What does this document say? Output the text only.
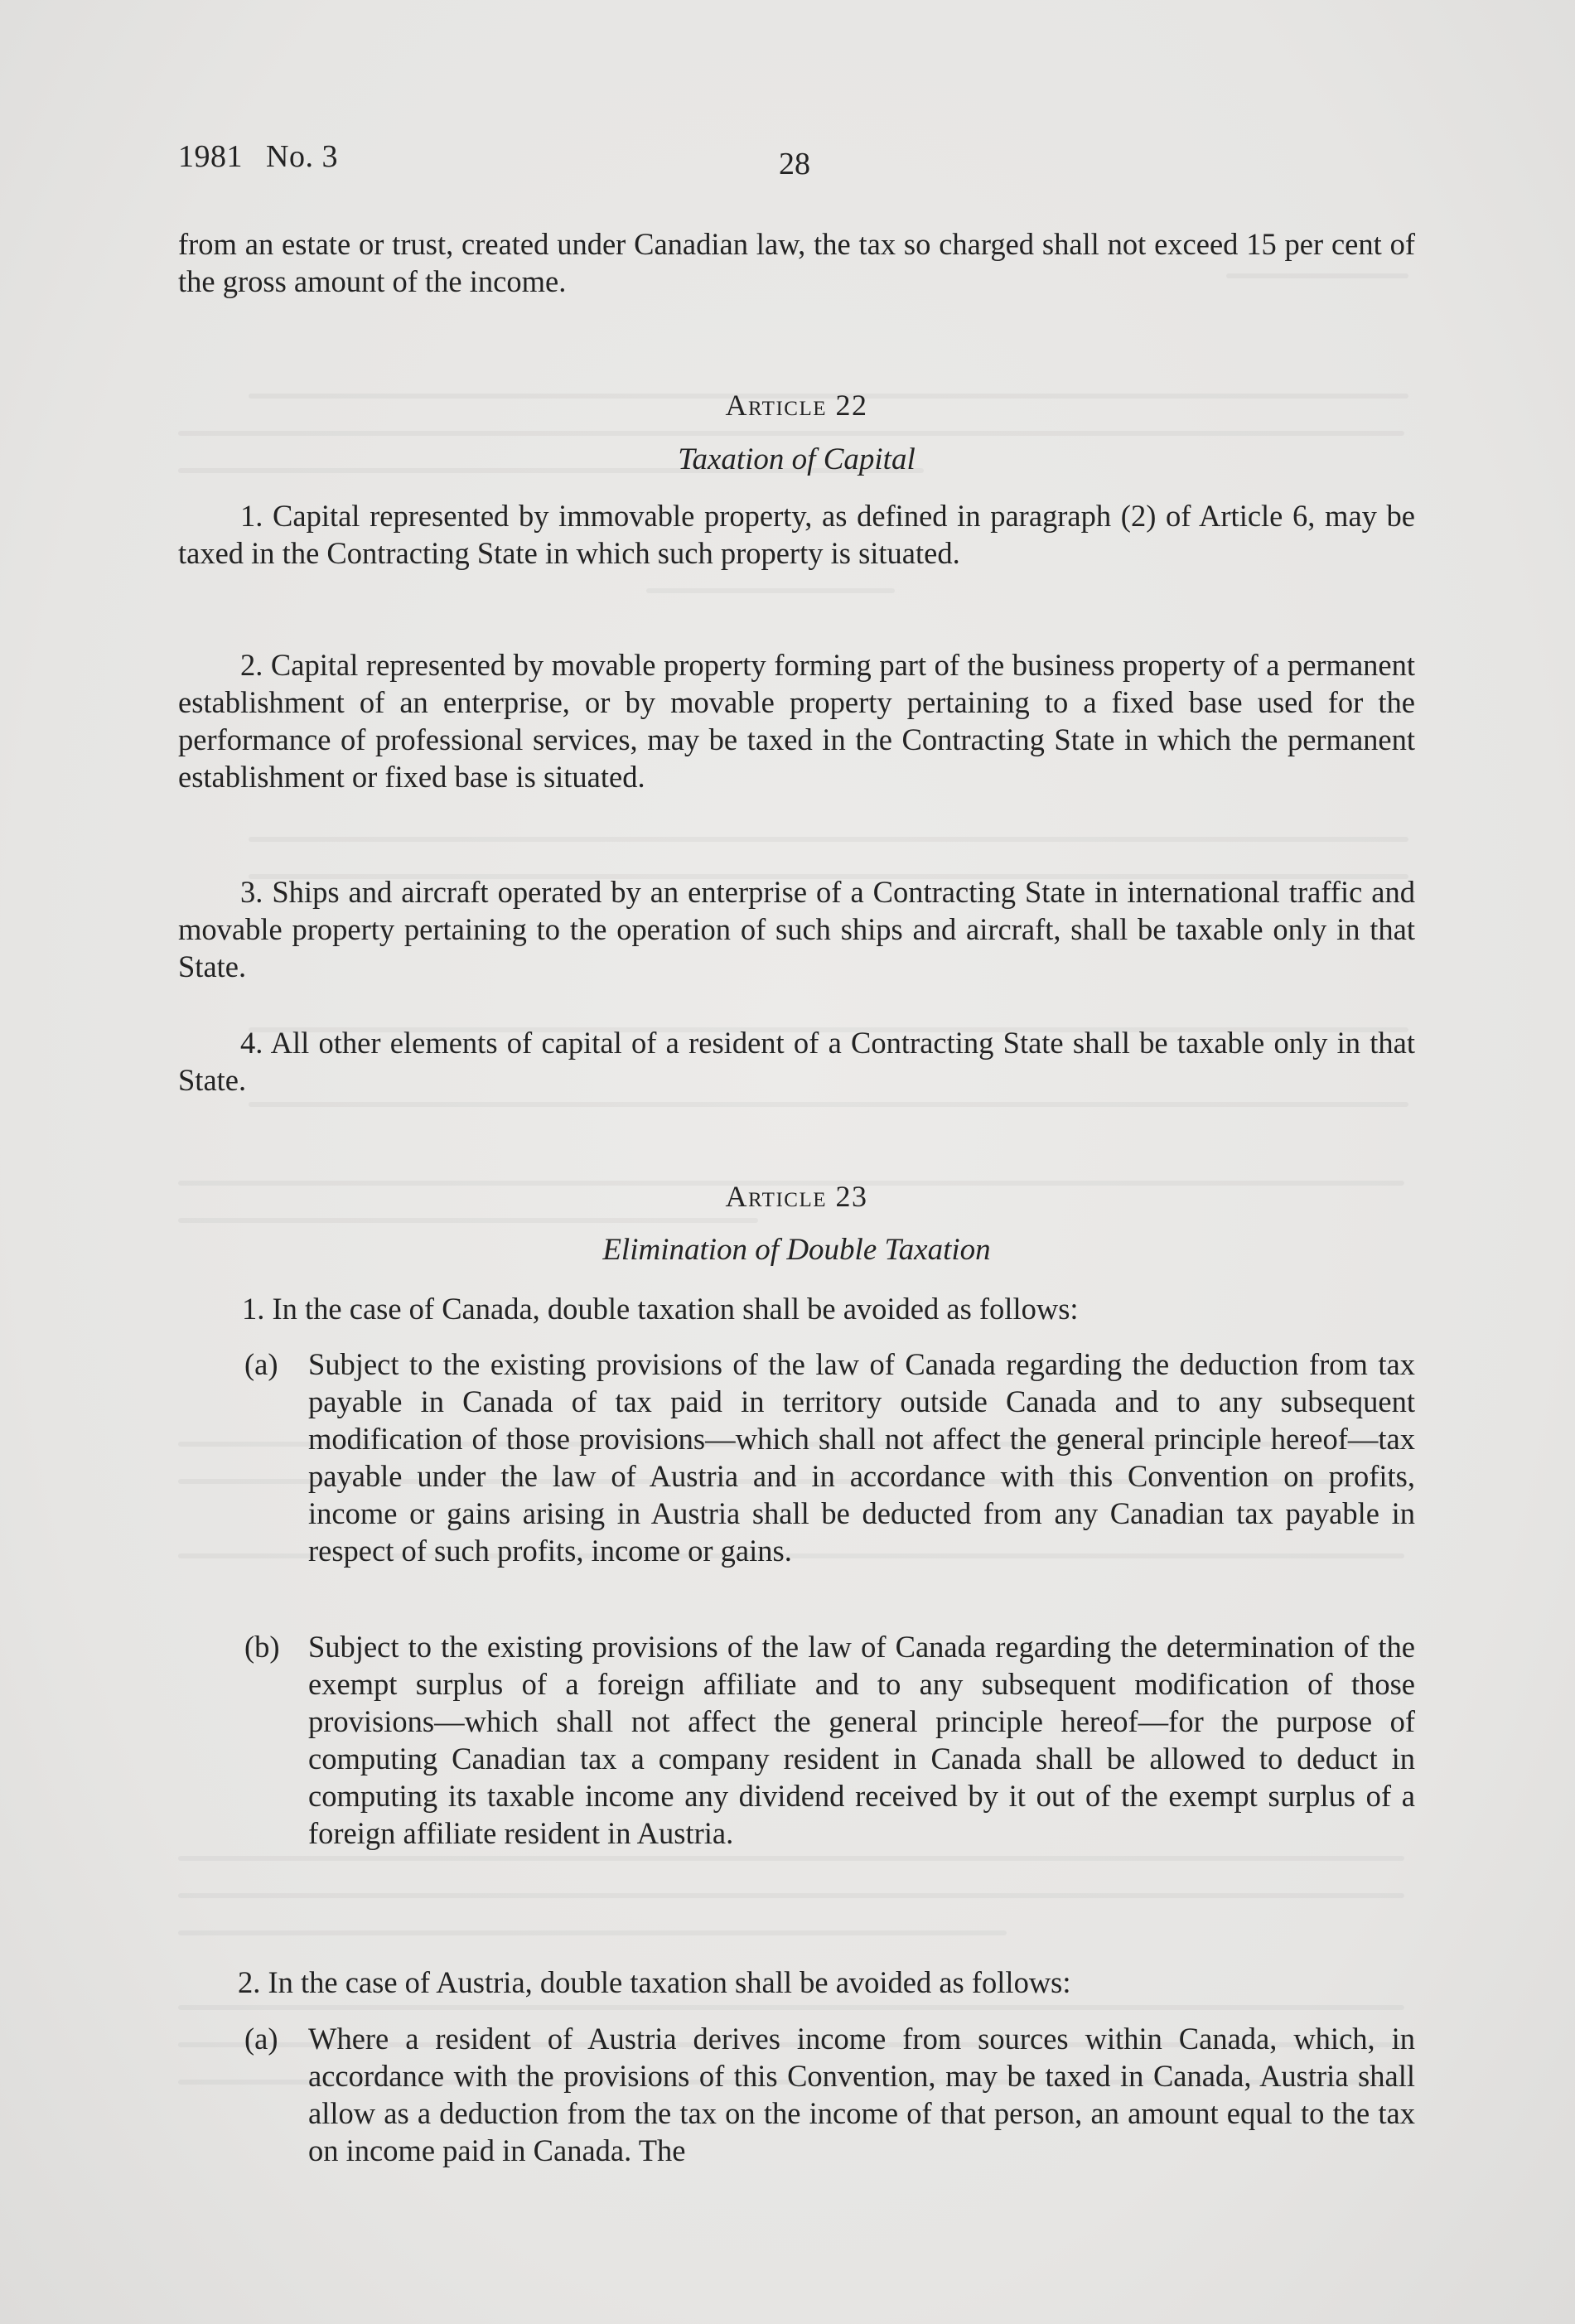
1981 No. 3	28

from an estate or trust, created under Canadian law, the tax so charged shall not exceed 15 per cent of the gross amount of the income.

Article 22
Taxation of Capital

1. Capital represented by immovable property, as defined in paragraph (2) of Article 6, may be taxed in the Contracting State in which such property is situated.

2. Capital represented by movable property forming part of the business property of a permanent establishment of an enterprise, or by movable property pertaining to a fixed base used for the performance of professional services, may be taxed in the Contracting State in which the permanent establishment or fixed base is situated.

3. Ships and aircraft operated by an enterprise of a Contracting State in international traffic and movable property pertaining to the operation of such ships and aircraft, shall be taxable only in that State.

4. All other elements of capital of a resident of a Contracting State shall be taxable only in that State.

Article 23
Elimination of Double Taxation

1. In the case of Canada, double taxation shall be avoided as follows:

(a) Subject to the existing provisions of the law of Canada regarding the deduction from tax payable in Canada of tax paid in territory outside Canada and to any subsequent modification of those provisions—which shall not affect the general principle hereof—tax payable under the law of Austria and in accordance with this Convention on profits, income or gains arising in Austria shall be deducted from any Canadian tax payable in respect of such profits, income or gains.
(b) Subject to the existing provisions of the law of Canada regarding the determination of the exempt surplus of a foreign affiliate and to any subsequent modification of those provisions—which shall not affect the general principle hereof—for the purpose of computing Canadian tax a company resident in Canada shall be allowed to deduct in computing its taxable income any dividend received by it out of the exempt surplus of a foreign affiliate resident in Austria.

2. In the case of Austria, double taxation shall be avoided as follows:

(a) Where a resident of Austria derives income from sources within Canada, which, in accordance with the provisions of this Convention, may be taxed in Canada, Austria shall allow as a deduction from the tax on the income of that person, an amount equal to the tax on income paid in Canada. The
